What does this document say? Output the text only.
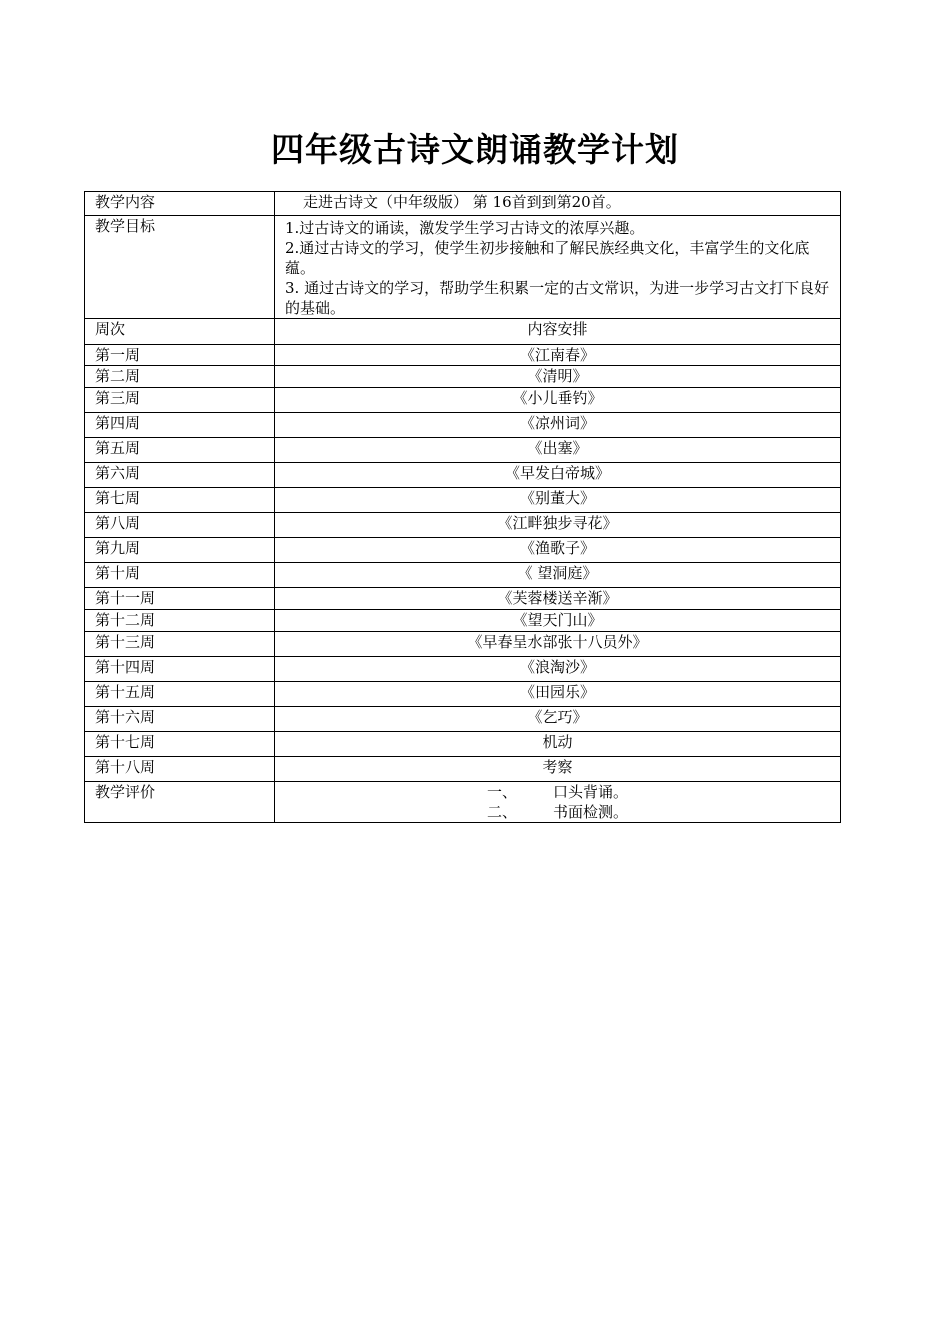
四年级古诗文朗诵教学计划
教学内容	走进古诗文（中年级版） 第 16首到到第20首。
教学目标	1.过古诗文的诵读，激发学生学习古诗文的浓厚兴趣。
2.通过古诗文的学习，使学生初步接触和了解民族经典文化，丰富学生的文化底蕴。
3. 通过古诗文的学习，帮助学生积累一定的古文常识，为进一步学习古文打下良好的基础。

周次	内容安排
第一周	《江南春》
第二周	《清明》
第三周	《小儿垂钓》
第四周	《凉州词》
第五周	《出塞》
第六周	《早发白帝城》
第七周	《别董大》
第八周	《江畔独步寻花》
第九周	《渔歌子》
第十周	《 望洞庭》
第十一周	《芙蓉楼送辛渐》
第十二周	《望天门山》
第十三周	《早春呈水部张十八员外》
第十四周	《浪淘沙》
第十五周	《田园乐》
第十六周	《乞巧》
第十七周	机动
第十八周	考察
教学评价	一、 口头背诵。
二、 书面检测。
